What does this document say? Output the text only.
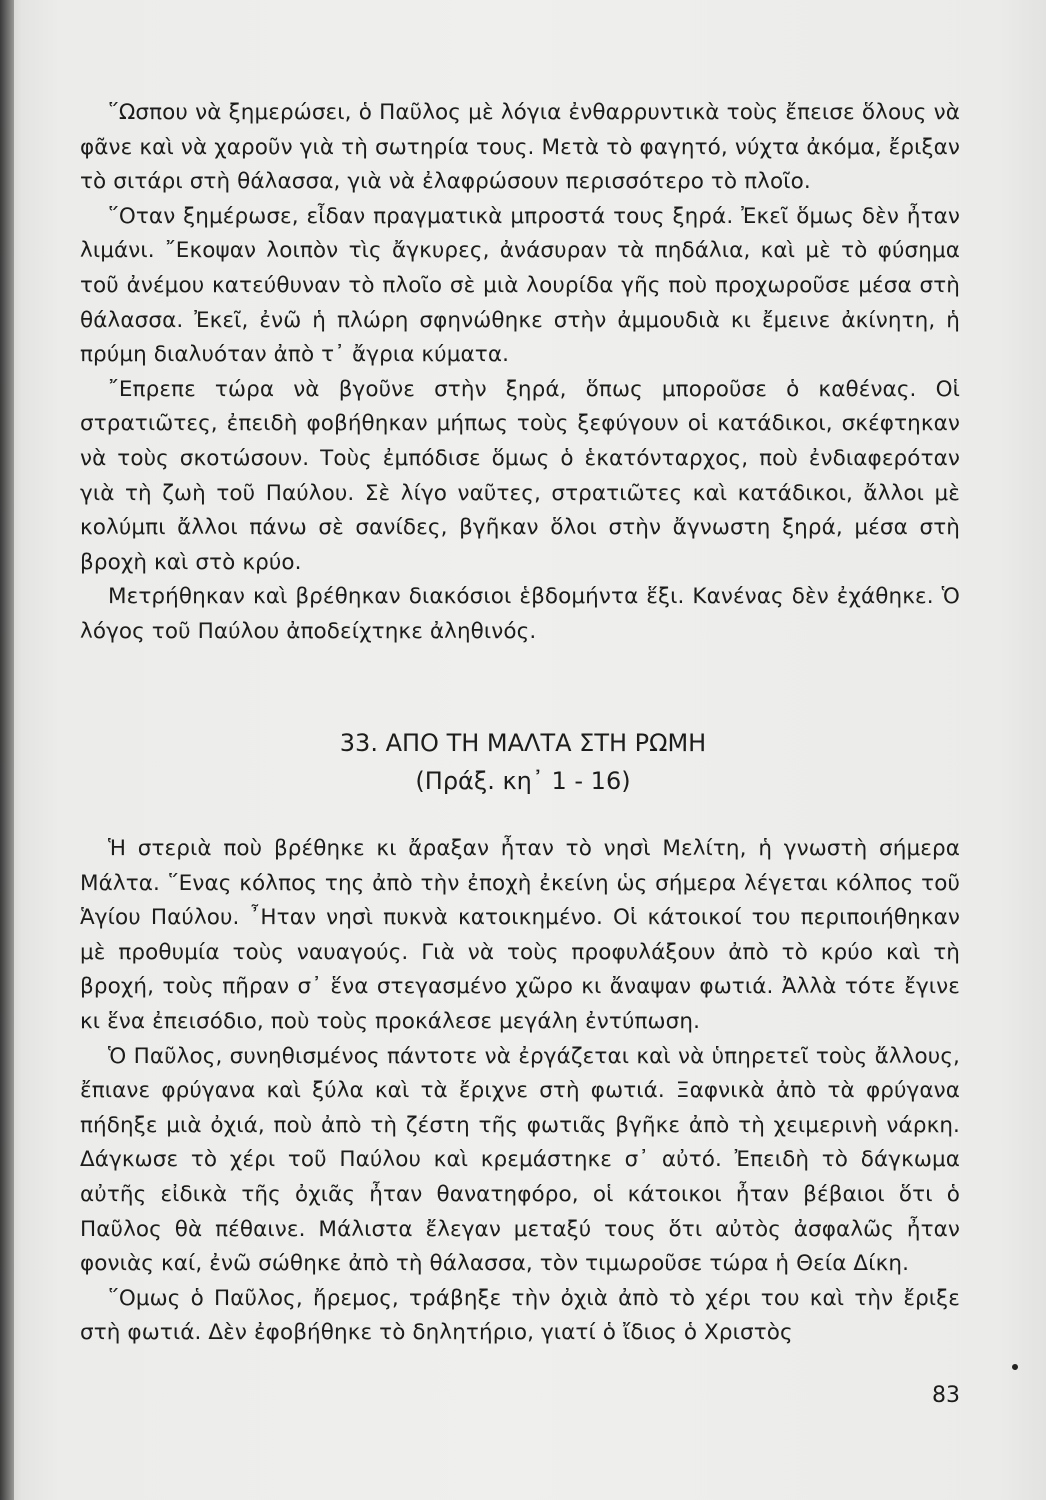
῞Ωσπου νὰ ξημερώσει, ὁ Παῦλος μὲ λόγια ἐνθαρρυντικὰ τοὺς ἔπεισε ὅλους νὰ φᾶνε καὶ νὰ χαροῦν γιὰ τὴ σωτηρία τους. Μετὰ τὸ φαγητό, νύχτα ἀκόμα, ἔριξαν τὸ σιτάρι στὴ θάλασσα, γιὰ νὰ ἐλαφρώσουν περισσότερο τὸ πλοῖο.

῞Οταν ξημέρωσε, εἶδαν πραγματικὰ μπροστά τους ξηρά. Ἐκεῖ ὅμως δὲν ἦταν λιμάνι. ῎Εκοψαν λοιπὸν τὶς ἄγκυρες, ἀνάσυραν τὰ πηδάλια, καὶ μὲ τὸ φύσημα τοῦ ἀνέμου κατεύθυναν τὸ πλοῖο σὲ μιὰ λουρίδα γῆς ποὺ προχωροῦσε μέσα στὴ θάλασσα. Ἐκεῖ, ἐνῶ ἡ πλώρη σφηνώθηκε στὴν ἀμμουδιὰ κι ἔμεινε ἀκίνητη, ἡ πρύμη διαλυόταν ἀπὸ τ᾿ ἄγρια κύματα.

῎Επρεπε τώρα νὰ βγοῦνε στὴν ξηρά, ὅπως μποροῦσε ὁ καθένας. Οἱ στρατιῶτες, ἐπειδὴ φοβήθηκαν μήπως τοὺς ξεφύγουν οἱ κατάδικοι, σκέφτηκαν νὰ τοὺς σκοτώσουν. Τοὺς ἐμπόδισε ὅμως ὁ ἑκατόνταρχος, ποὺ ἐνδιαφερόταν γιὰ τὴ ζωὴ τοῦ Παύλου. Σὲ λίγο ναῦτες, στρατιῶτες καὶ κατάδικοι, ἄλλοι μὲ κολύμπι ἄλλοι πάνω σὲ σανίδες, βγῆκαν ὅλοι στὴν ἄγνωστη ξηρά, μέσα στὴ βροχὴ καὶ στὸ κρύο.

Μετρήθηκαν καὶ βρέθηκαν διακόσιοι ἑβδομήντα ἕξι. Κανένας δὲν ἐχάθηκε. Ὁ λόγος τοῦ Παύλου ἀποδείχτηκε ἀληθινός.

33. ΑΠΟ ΤΗ ΜΑΛΤΑ ΣΤΗ ΡΩΜΗ
(Πράξ. κη᾿ 1 - 16)

Ἡ στεριὰ ποὺ βρέθηκε κι ἄραξαν ἦταν τὸ νησὶ Μελίτη, ἡ γνωστὴ σήμερα Μάλτα. ῞Ενας κόλπος της ἀπὸ τὴν ἐποχὴ ἐκείνη ὡς σήμερα λέγεται κόλπος τοῦ Ἁγίου Παύλου. ῏Ηταν νησὶ πυκνὰ κατοικημένο. Οἱ κάτοικοί του περιποιήθηκαν μὲ προθυμία τοὺς ναυαγούς. Γιὰ νὰ τοὺς προφυλάξουν ἀπὸ τὸ κρύο καὶ τὴ βροχή, τοὺς πῆραν σ᾿ ἕνα στεγασμένο χῶρο κι ἄναψαν φωτιά. Ἀλλὰ τότε ἔγινε κι ἕνα ἐπεισόδιο, ποὺ τοὺς προκάλεσε μεγάλη ἐντύπωση.

Ὁ Παῦλος, συνηθισμένος πάντοτε νὰ ἐργάζεται καὶ νὰ ὑπηρετεῖ τοὺς ἄλλους, ἔπιανε φρύγανα καὶ ξύλα καὶ τὰ ἔριχνε στὴ φωτιά. Ξαφνικὰ ἀπὸ τὰ φρύγανα πήδηξε μιὰ ὀχιά, ποὺ ἀπὸ τὴ ζέστη τῆς φωτιᾶς βγῆκε ἀπὸ τὴ χειμερινὴ νάρκη. Δάγκωσε τὸ χέρι τοῦ Παύλου καὶ κρεμάστηκε σ᾿ αὐτό. Ἐπειδὴ τὸ δάγκωμα αὐτῆς εἰδικὰ τῆς ὀχιᾶς ἦταν θανατηφόρο, οἱ κάτοικοι ἦταν βέβαιοι ὅτι ὁ Παῦλος θὰ πέθαινε. Μάλιστα ἔλεγαν μεταξύ τους ὅτι αὐτὸς ἀσφαλῶς ἦταν φονιὰς καί, ἐνῶ σώθηκε ἀπὸ τὴ θάλασσα, τὸν τιμωροῦσε τώρα ἡ Θεία Δίκη.

῞Ομως ὁ Παῦλος, ἤρεμος, τράβηξε τὴν ὀχιὰ ἀπὸ τὸ χέρι του καὶ τὴν ἔριξε στὴ φωτιά. Δὲν ἐφοβήθηκε τὸ δηλητήριο, γιατί ὁ ἴδιος ὁ Χριστὸς

83
